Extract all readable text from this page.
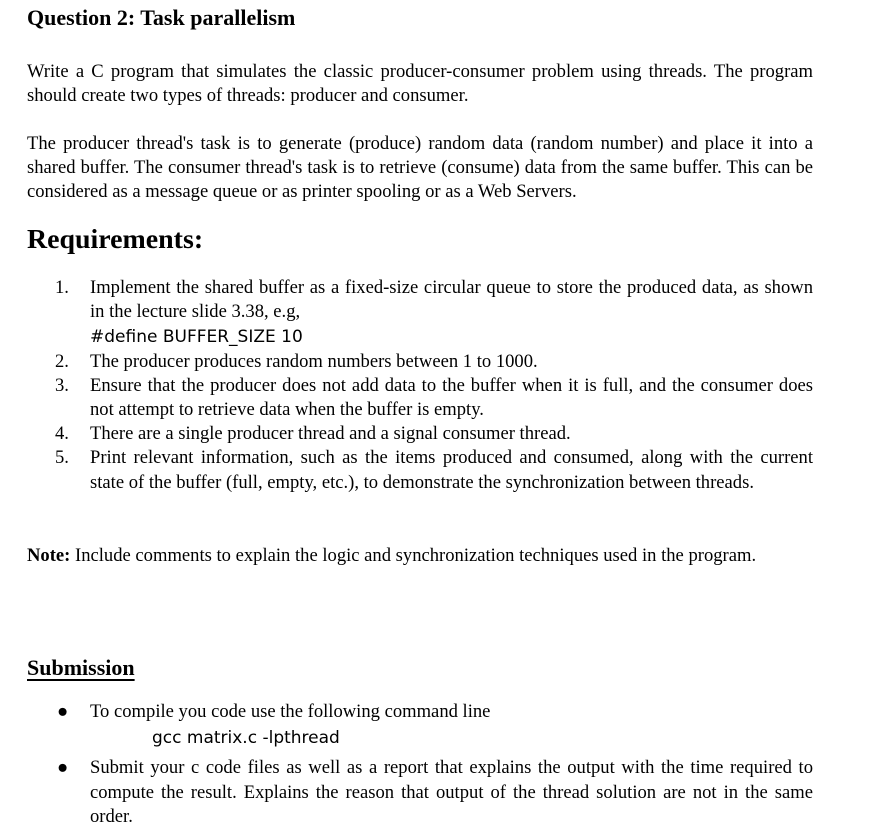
Question 2: Task parallelism

Write a C program that simulates the classic producer-consumer problem using threads. The program should create two types of threads: producer and consumer.

The producer thread's task is to generate (produce) random data (random number) and place it into a shared buffer. The consumer thread's task is to retrieve (consume) data from the same buffer. This can be considered as a message queue or as printer spooling or as a Web Servers.

Requirements:
1. Implement the shared buffer as a fixed-size circular queue to store the produced data, as shown in the lecture slide 3.38, e.g,
#define BUFFER_SIZE 10
2. The producer produces random numbers between 1 to 1000.
3. Ensure that the producer does not add data to the buffer when it is full, and the consumer does not attempt to retrieve data when the buffer is empty.
4. There are a single producer thread and a signal consumer thread.
5. Print relevant information, such as the items produced and consumed, along with the current state of the buffer (full, empty, etc.), to demonstrate the synchronization between threads.

Note: Include comments to explain the logic and synchronization techniques used in the program.

Submission
● To compile you code use the following command line
gcc matrix.c -lpthread
● Submit your c code files as well as a report that explains the output with the time required to compute the result. Explains the reason that output of the thread solution are not in the same order.
